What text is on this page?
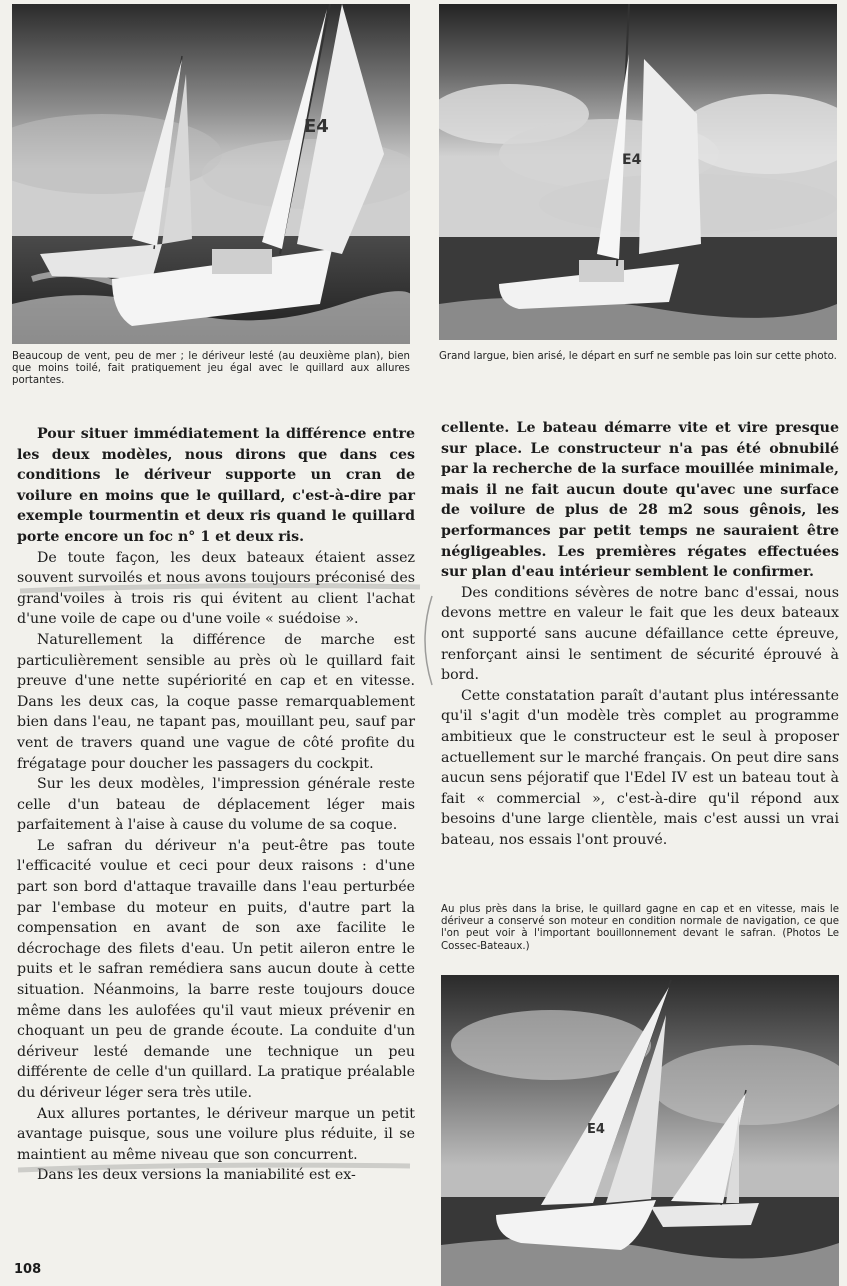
E4

Beaucoup de vent, peu de mer ; le dériveur lesté (au deuxième plan), bien que moins toilé, fait pratiquement jeu égal avec le quillard aux allures portantes.

E4

Grand largue, bien arisé, le départ en surf ne semble pas loin sur cette photo.

Pour situer immédiatement la différence entre les deux modèles, nous dirons que dans ces conditions le dériveur supporte un cran de voilure en moins que le quillard, c'est-à-dire par exemple tourmentin et deux ris quand le quillard porte encore un foc n° 1 et deux ris.

De toute façon, les deux bateaux étaient assez souvent survoilés et nous avons toujours préconisé des grand'voiles à trois ris qui évitent au client l'achat d'une voile de cape ou d'une voile « suédoise ».

Naturellement la différence de marche est particulièrement sensible au près où le quillard fait preuve d'une nette supériorité en cap et en vitesse. Dans les deux cas, la coque passe remarquablement bien dans l'eau, ne tapant pas, mouillant peu, sauf par vent de travers quand une vague de côté profite du frégatage pour doucher les passagers du cockpit.

Sur les deux modèles, l'impression générale reste celle d'un bateau de déplacement léger mais parfaitement à l'aise à cause du volume de sa coque.

Le safran du dériveur n'a peut-être pas toute l'efficacité voulue et ceci pour deux raisons : d'une part son bord d'attaque travaille dans l'eau perturbée par l'embase du moteur en puits, d'autre part la compensation en avant de son axe facilite le décrochage des filets d'eau. Un petit aileron entre le puits et le safran remédiera sans aucun doute à cette situation. Néanmoins, la barre reste toujours douce même dans les aulofées qu'il vaut mieux prévenir en choquant un peu de grande écoute. La conduite d'un dériveur lesté demande une technique un peu différente de celle d'un quillard. La pratique préalable du dériveur léger sera très utile.

Aux allures portantes, le dériveur marque un petit avantage puisque, sous une voilure plus réduite, il se maintient au même niveau que son concurrent.

Dans les deux versions la maniabilité est ex-

cellente. Le bateau démarre vite et vire presque sur place. Le constructeur n'a pas été obnubilé par la recherche de la surface mouillée minimale, mais il ne fait aucun doute qu'avec une surface de voilure de plus de 28 m2 sous gênois, les performances par petit temps ne sauraient être négligeables. Les premières régates effectuées sur plan d'eau intérieur semblent le confirmer.

Des conditions sévères de notre banc d'essai, nous devons mettre en valeur le fait que les deux bateaux ont supporté sans aucune défaillance cette épreuve, renforçant ainsi le sentiment de sécurité éprouvé à bord.

Cette constatation paraît d'autant plus intéressante qu'il s'agit d'un modèle très complet au programme ambitieux que le constructeur est le seul à proposer actuellement sur le marché français. On peut dire sans aucun sens péjoratif que l'Edel IV est un bateau tout à fait « commercial », c'est-à-dire qu'il répond aux besoins d'une large clientèle, mais c'est aussi un vrai bateau, nos essais l'ont prouvé.

Au plus près dans la brise, le quillard gagne en cap et en vitesse, mais le dériveur a conservé son moteur en condition normale de navigation, ce que l'on peut voir à l'important bouillonnement devant le safran. (Photos Le Cossec-Bateaux.)

E4
108
